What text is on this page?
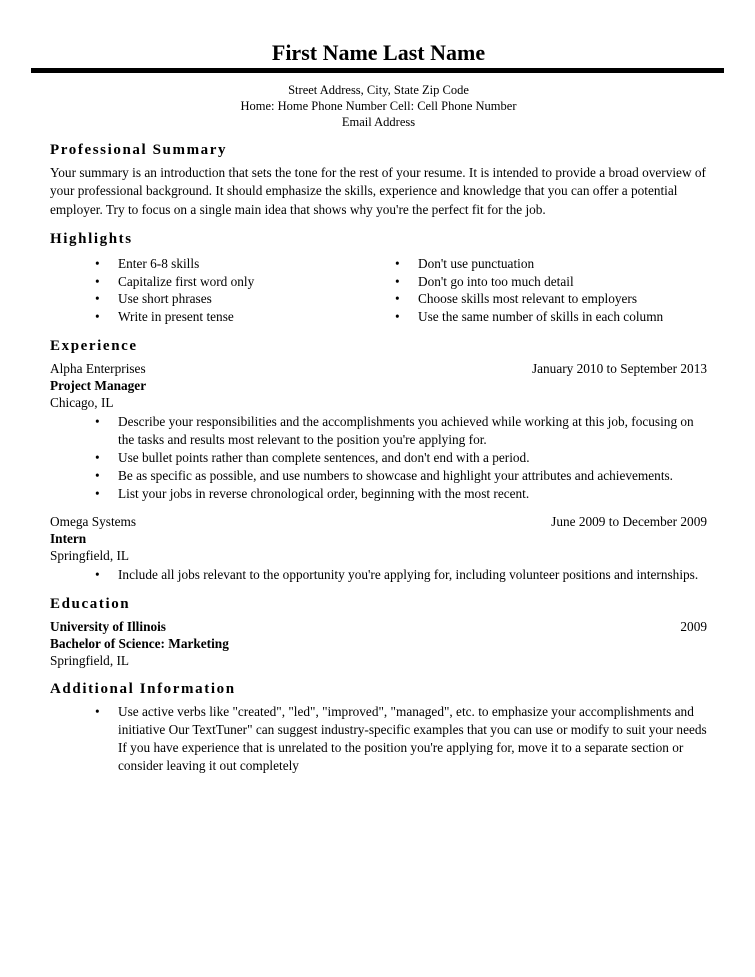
First Name Last Name
Street Address, City, State Zip Code
Home: Home Phone Number Cell: Cell Phone Number
Email Address
Professional Summary

Your summary is an introduction that sets the tone for the rest of your resume. It is intended to provide a broad overview of your professional background. It should emphasize the skills, experience and knowledge that you can offer a potential employer. Try to focus on a single main idea that shows why you're the perfect fit for the job.

Highlights
•	Enter 6-8 skills
•	Capitalize first word only
•	Use short phrases
•	Write in present tense
•	Don't use punctuation
•	Don't go into too much detail
•	Choose skills most relevant to employers
•	Use the same number of skills in each column
Experience
Alpha Enterprises	January 2010 to September 2013
Project Manager
Chicago, IL
•	Describe your responsibilities and the accomplishments you achieved while working at this job, focusing on the tasks and results most relevant to the position you're applying for.
•	Use bullet points rather than complete sentences, and don't end with a period.
•	Be as specific as possible, and use numbers to showcase and highlight your attributes and achievements.
•	List your jobs in reverse chronological order, beginning with the most recent.
Omega Systems	June 2009 to December 2009
Intern
Springfield, IL
•	Include all jobs relevant to the opportunity you're applying for, including volunteer positions and internships.
Education
University of Illinois	2009
Bachelor of Science: Marketing
Springfield, IL
Additional Information
•	Use active verbs like "created", "led", "improved", "managed", etc. to emphasize your accomplishments and initiative Our TextTuner" can suggest industry-specific examples that you can use or modify to suit your needs If you have experience that is unrelated to the position you're applying for, move it to a separate section or consider leaving it out completely
